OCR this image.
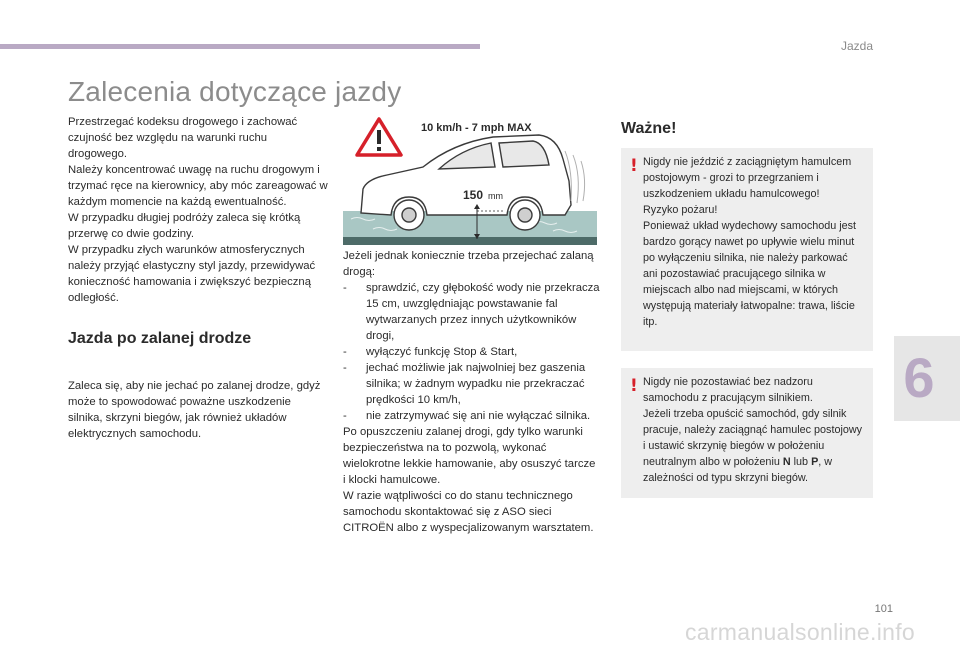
Jazda
Zalecenia dotyczące jazdy

Przestrzegać kodeksu drogowego i zachować czujność bez względu na warunki ruchu drogowego.

Należy koncentrować uwagę na ruchu drogowym i trzymać ręce na kierownicy, aby móc zareagować w każdym momencie na każdą ewentualność.

W przypadku długiej podróży zaleca się krótką przerwę co dwie godziny.

W przypadku złych warunków atmosferycznych należy przyjąć elastyczny styl jazdy, przewidywać konieczność hamowania i zwiększyć bezpieczną odległość.

Jazda po zalanej drodze

Zaleca się, aby nie jechać po zalanej drodze, gdyż może to spowodować poważne uszkodzenie silnika, skrzyni biegów, jak również układów elektrycznych samochodu.

10 km/h - 7 mph MAX
150 mm

Jeżeli jednak koniecznie trzeba przejechać zalaną drogą:

- sprawdzić, czy głębokość wody nie przekracza 15 cm, uwzględniając powstawanie fal wytwarzanych przez innych użytkowników drogi,
- wyłączyć funkcję Stop & Start,
- jechać możliwie jak najwolniej bez gaszenia silnika; w żadnym wypadku nie przekraczać prędkości 10 km/h,
- nie zatrzymywać się ani nie wyłączać silnika.

Po opuszczeniu zalanej drogi, gdy tylko warunki bezpieczeństwa na to pozwolą, wykonać wielokrotne lekkie hamowanie, aby osuszyć tarcze i klocki hamulcowe.

W razie wątpliwości co do stanu technicznego samochodu skontaktować się z ASO sieci CITROËN albo z wyspecjalizowanym warsztatem.

Ważne!
! Nigdy nie jeździć z zaciągniętym hamulcem postojowym - grozi to przegrzaniem i uszkodzeniem układu hamulcowego!

Ryzyko pożaru!

Ponieważ układ wydechowy samochodu jest bardzo gorący nawet po upływie wielu minut po wyłączeniu silnika, nie należy parkować ani pozostawiać pracującego silnika w miejscach albo nad miejscami, w których występują materiały łatwopalne: trawa, liście itp.

! Nigdy nie pozostawiać bez nadzoru samochodu z pracującym silnikiem.

Jeżeli trzeba opuścić samochód, gdy silnik pracuje, należy zaciągnąć hamulec postojowy i ustawić skrzynię biegów w położeniu neutralnym albo w położeniu N lub P, w zależności od typu skrzyni biegów.

6
101
carmanualsonline.info
